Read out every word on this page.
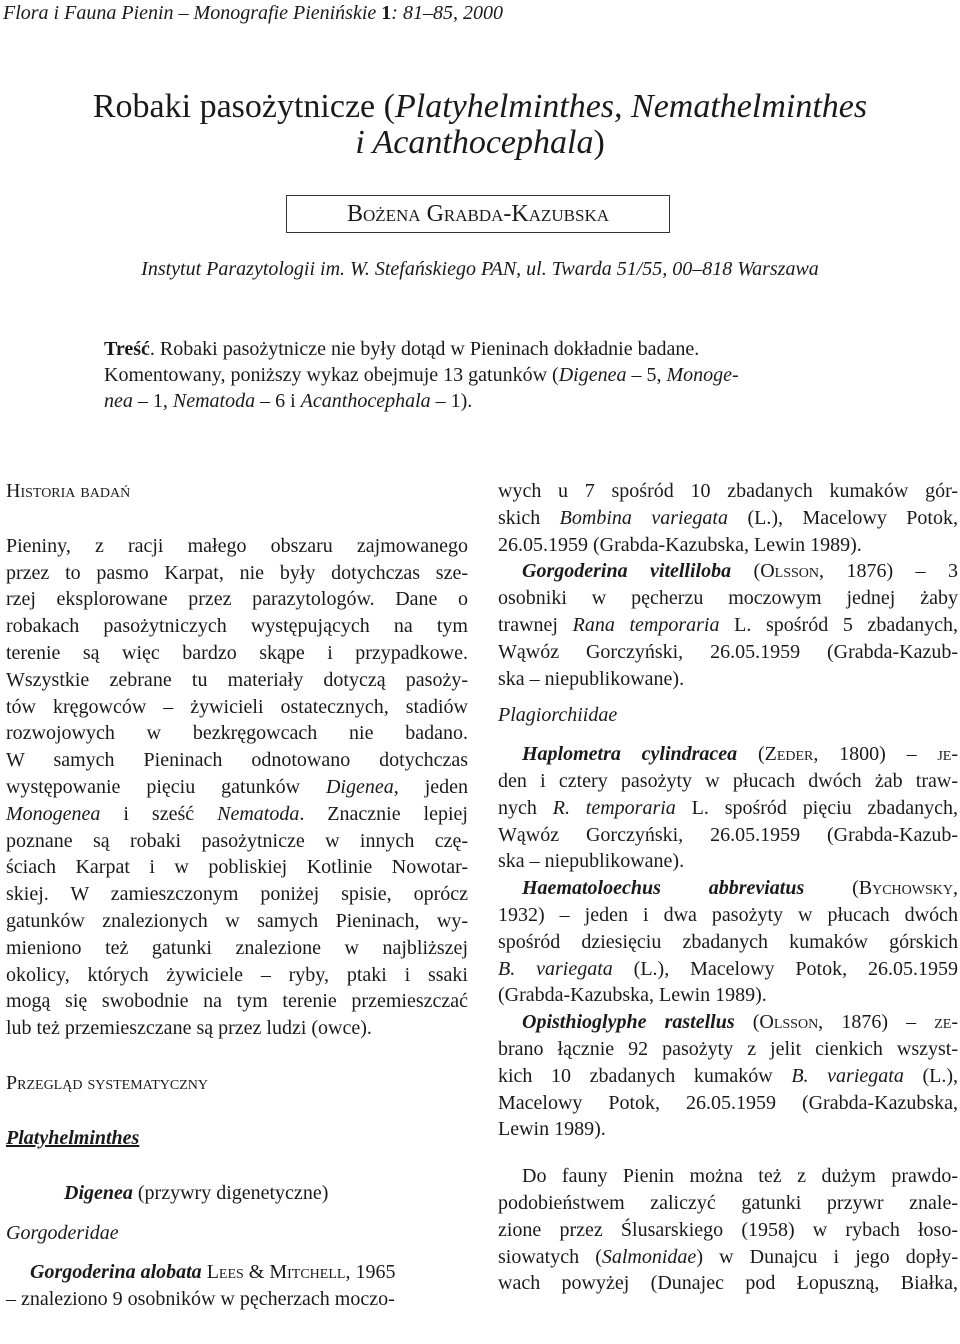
Flora i Fauna Pienin – Monografie Pienińskie 1: 81–85, 2000
Robaki pasożytnicze (Platyhelminthes, Nemathelminthes
i Acanthocephala)
Bożena Grabda-Kazubska
Instytut Parazytologii im. W. Stefańskiego PAN, ul. Twarda 51/55, 00–818 Warszawa
Treść. Robaki pasożytnicze nie były dotąd w Pieninach dokładnie badane.
Komentowany, poniższy wykaz obejmuje 13 gatunków (Digenea – 5, Monoge-
nea – 1, Nematoda – 6 i Acanthocephala – 1).
Historia badań
Pieniny, z racji małego obszaru zajmowanego
przez to pasmo Karpat, nie były dotychczas sze-
rzej eksplorowane przez parazytologów. Dane o
robakach pasożytniczych występujących na tym
terenie są więc bardzo skąpe i przypadkowe.
Wszystkie zebrane tu materiały dotyczą pasoży-
tów kręgowców – żywicieli ostatecznych, stadiów
rozwojowych w bezkręgowcach nie badano.
W samych Pieninach odnotowano dotychczas
występowanie pięciu gatunków Digenea, jeden
Monogenea i sześć Nematoda. Znacznie lepiej
poznane są robaki pasożytnicze w innych czę-
ściach Karpat i w pobliskiej Kotlinie Nowotar-
skiej. W zamieszczonym poniżej spisie, oprócz
gatunków znalezionych w samych Pieninach, wy-
mieniono też gatunki znalezione w najbliższej
okolicy, których żywiciele – ryby, ptaki i ssaki
mogą się swobodnie na tym terenie przemieszczać
lub też przemieszczane są przez ludzi (owce).
Przegląd systematyczny
Platyhelminthes
Digenea (przywry digenetyczne)
Gorgoderidae
Gorgoderina alobata Lees & Mitchell, 1965
– znaleziono 9 osobników w pęcherzach moczo-
wych u 7 spośród 10 zbadanych kumaków gór-
skich Bombina variegata (L.), Macelowy Potok,
26.05.1959 (Grabda-Kazubska, Lewin 1989).
Gorgoderina vitelliloba (Olsson, 1876) – 3
osobniki w pęcherzu moczowym jednej żaby
trawnej Rana temporaria L. spośród 5 zbadanych,
Wąwóz Gorczyński, 26.05.1959 (Grabda-Kazub-
ska – niepublikowane).
Plagiorchiidae
Haplometra cylindracea (Zeder, 1800) – je-
den i cztery pasożyty w płucach dwóch żab traw-
nych R. temporaria L. spośród pięciu zbadanych,
Wąwóz Gorczyński, 26.05.1959 (Grabda-Kazub-
ska – niepublikowane).
Haematoloechus abbreviatus (Bychowsky,
1932) – jeden i dwa pasożyty w płucach dwóch
spośród dziesięciu zbadanych kumaków górskich
B. variegata (L.), Macelowy Potok, 26.05.1959
(Grabda-Kazubska, Lewin 1989).
Opisthioglyphe rastellus (Olsson, 1876) – ze-
brano łącznie 92 pasożyty z jelit cienkich wszyst-
kich 10 zbadanych kumaków B. variegata (L.),
Macelowy Potok, 26.05.1959 (Grabda-Kazubska,
Lewin 1989).
Do fauny Pienin można też z dużym prawdo-
podobieństwem zaliczyć gatunki przywr znale-
zione przez Ślusarskiego (1958) w rybach łoso-
siowatych (Salmonidae) w Dunajcu i jego dopły-
wach powyżej (Dunajec pod Łopuszną, Białka,
